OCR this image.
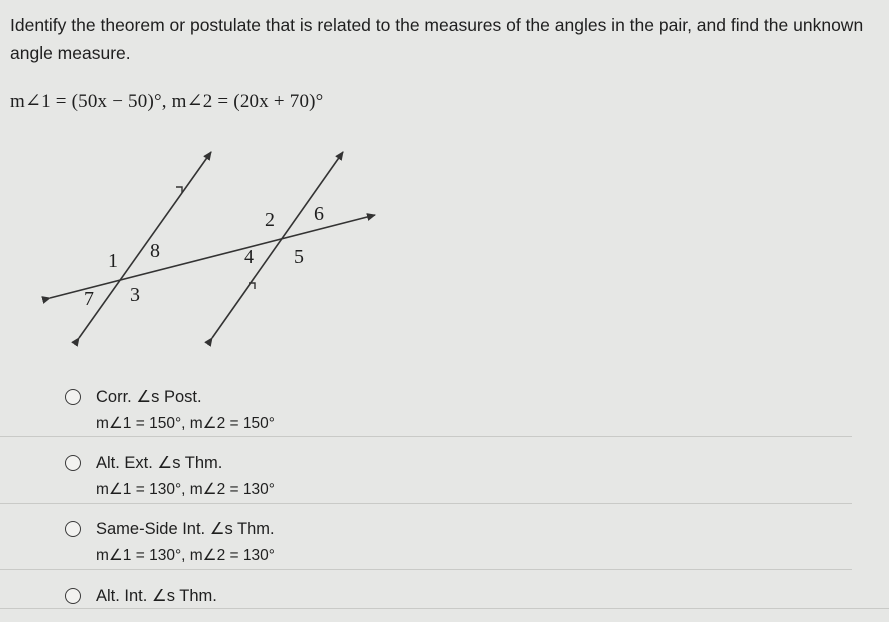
Identify the theorem or postulate that is related to the measures of the angles in the pair, and find the unknown angle measure.
m∠1 = (50x − 50)°, m∠2 = (20x + 70)°
1 8
7 3
2 6
4 5
Corr. ∠s Post.
m∠1 = 150°, m∠2 = 150°
Alt. Ext. ∠s Thm.
m∠1 = 130°, m∠2 = 130°
Same-Side Int. ∠s Thm.
m∠1 = 130°, m∠2 = 130°
Alt. Int. ∠s Thm.
